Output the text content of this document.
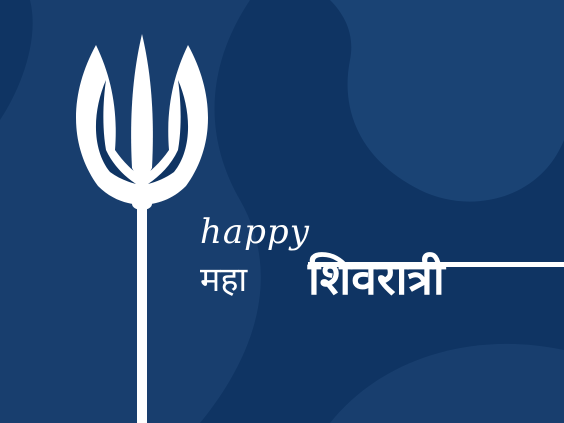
happy
महा शिवरात्री
